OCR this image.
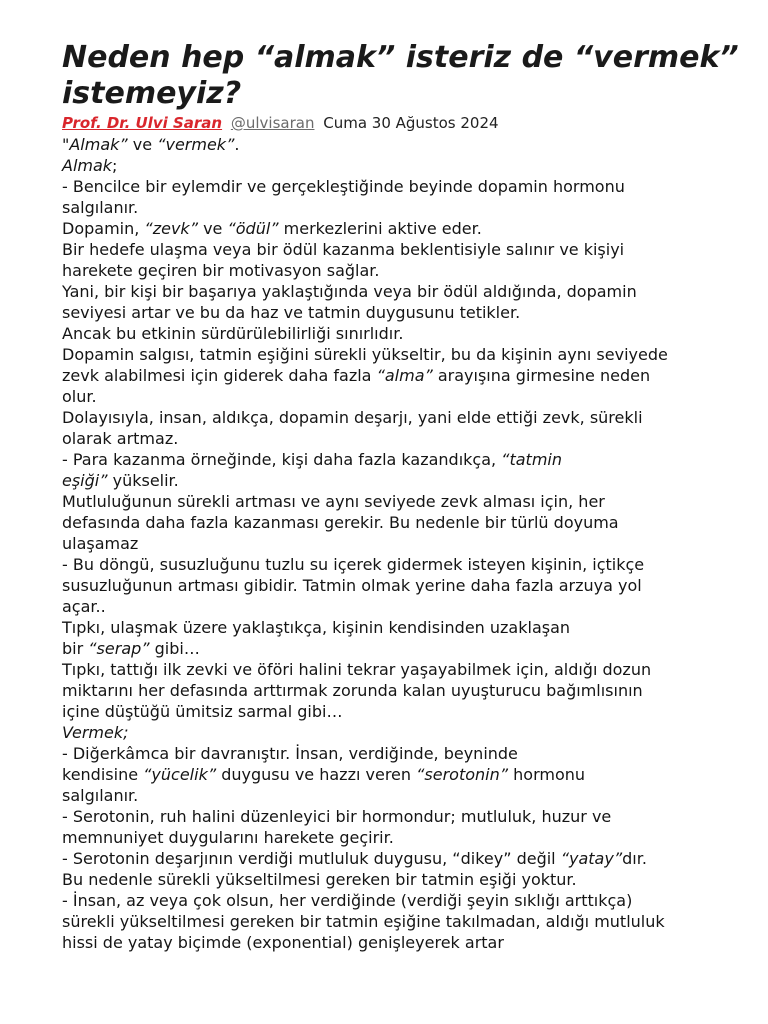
Neden hep “almak” isteriz de “vermek” istemeyiz?
Prof. Dr. Ulvi Saran @ulvisaran Cuma 30 Ağustos 2024
"Almak” ve “vermek”.
Almak;
- Bencilce bir eylemdir ve gerçekleştiğinde beyinde dopamin hormonu
salgılanır.
Dopamin, “zevk” ve “ödül” merkezlerini aktive eder.
Bir hedefe ulaşma veya bir ödül kazanma beklentisiyle salınır ve kişiyi
harekete geçiren bir motivasyon sağlar.
Yani, bir kişi bir başarıya yaklaştığında veya bir ödül aldığında, dopamin
seviyesi artar ve bu da haz ve tatmin duygusunu tetikler.
Ancak bu etkinin sürdürülebilirliği sınırlıdır.
Dopamin salgısı, tatmin eşiğini sürekli yükseltir, bu da kişinin aynı seviyede
zevk alabilmesi için giderek daha fazla “alma” arayışına girmesine neden
olur.
Dolayısıyla, insan, aldıkça, dopamin deşarjı, yani elde ettiği zevk, sürekli
olarak artmaz.
- Para kazanma örneğinde, kişi daha fazla kazandıkça, “tatmin
eşiği” yükselir.
Mutluluğunun sürekli artması ve aynı seviyede zevk alması için, her
defasında daha fazla kazanması gerekir. Bu nedenle bir türlü doyuma
ulaşamaz
- Bu döngü, susuzluğunu tuzlu su içerek gidermek isteyen kişinin, içtikçe
susuzluğunun artması gibidir. Tatmin olmak yerine daha fazla arzuya yol
açar..
Tıpkı, ulaşmak üzere yaklaştıkça, kişinin kendisinden uzaklaşan
bir “serap” gibi…
Tıpkı, tattığı ilk zevki ve öföri halini tekrar yaşayabilmek için, aldığı dozun
miktarını her defasında arttırmak zorunda kalan uyuşturucu bağımlısının
içine düştüğü ümitsiz sarmal gibi…
Vermek;
- Diğerkâmca bir davranıştır. İnsan, verdiğinde, beyninde
kendisine “yücelik” duygusu ve hazzı veren “serotonin” hormonu
salgılanır.
- Serotonin, ruh halini düzenleyici bir hormondur; mutluluk, huzur ve
memnuniyet duygularını harekete geçirir.
- Serotonin deşarjının verdiği mutluluk duygusu, “dikey” değil “yatay”dır.
Bu nedenle sürekli yükseltilmesi gereken bir tatmin eşiği yoktur.
- İnsan, az veya çok olsun, her verdiğinde (verdiği şeyin sıklığı arttıkça)
sürekli yükseltilmesi gereken bir tatmin eşiğine takılmadan, aldığı mutluluk
hissi de yatay biçimde (exponential) genişleyerek artar
